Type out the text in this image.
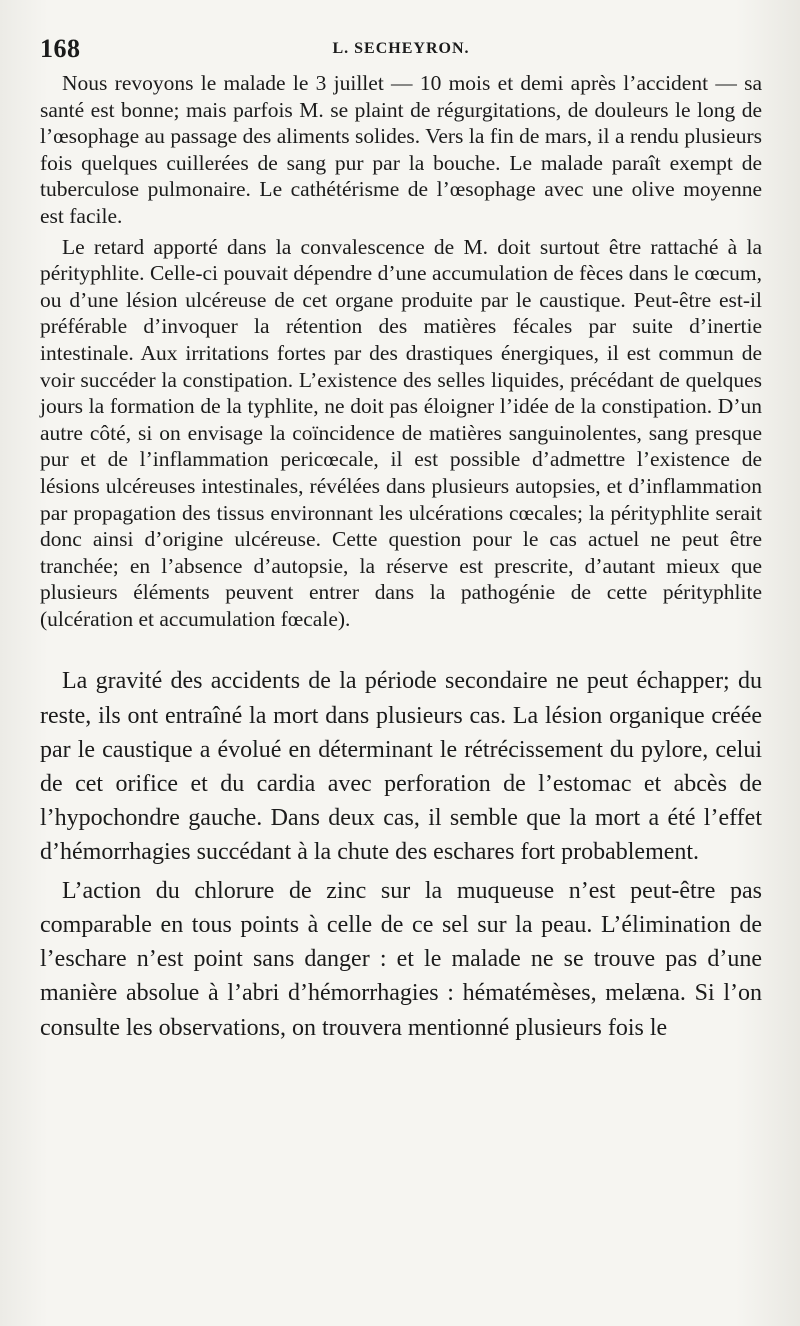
168	L. SECHEYRON.

Nous revoyons le malade le 3 juillet — 10 mois et demi après l’accident — sa santé est bonne; mais parfois M. se plaint de régurgitations, de douleurs le long de l’œsophage au passage des aliments solides. Vers la fin de mars, il a rendu plusieurs fois quelques cuillerées de sang pur par la bouche. Le malade paraît exempt de tuberculose pulmonaire. Le cathétérisme de l’œsophage avec une olive moyenne est facile.

Le retard apporté dans la convalescence de M. doit surtout être rattaché à la pérityphlite. Celle-ci pouvait dépendre d’une accumulation de fèces dans le cœcum, ou d’une lésion ulcéreuse de cet organe produite par le caustique. Peut-être est-il préférable d’invoquer la rétention des matières fécales par suite d’inertie intestinale. Aux irritations fortes par des drastiques énergiques, il est commun de voir succéder la constipation. L’existence des selles liquides, précédant de quelques jours la formation de la typhlite, ne doit pas éloigner l’idée de la constipation. D’un autre côté, si on envisage la coïncidence de matières sanguinolentes, sang presque pur et de l’inflammation pericœcale, il est possible d’admettre l’existence de lésions ulcéreuses intestinales, révélées dans plusieurs autopsies, et d’inflammation par propagation des tissus environnant les ulcérations cœcales; la pérityphlite serait donc ainsi d’origine ulcéreuse. Cette question pour le cas actuel ne peut être tranchée; en l’absence d’autopsie, la réserve est prescrite, d’autant mieux que plusieurs éléments peuvent entrer dans la pathogénie de cette pérityphlite (ulcération et accumulation fœcale).

La gravité des accidents de la période secondaire ne peut échapper; du reste, ils ont entraîné la mort dans plusieurs cas. La lésion organique créée par le caustique a évolué en déterminant le rétrécissement du pylore, celui de cet orifice et du cardia avec perforation de l’estomac et abcès de l’hypochondre gauche. Dans deux cas, il semble que la mort a été l’effet d’hémorrhagies succédant à la chute des eschares fort probablement.

L’action du chlorure de zinc sur la muqueuse n’est peut-être pas comparable en tous points à celle de ce sel sur la peau. L’élimination de l’eschare n’est point sans danger : et le malade ne se trouve pas d’une manière absolue à l’abri d’hémorrhagies : hématémèses, melæna. Si l’on consulte les observations, on trouvera mentionné plusieurs fois le
